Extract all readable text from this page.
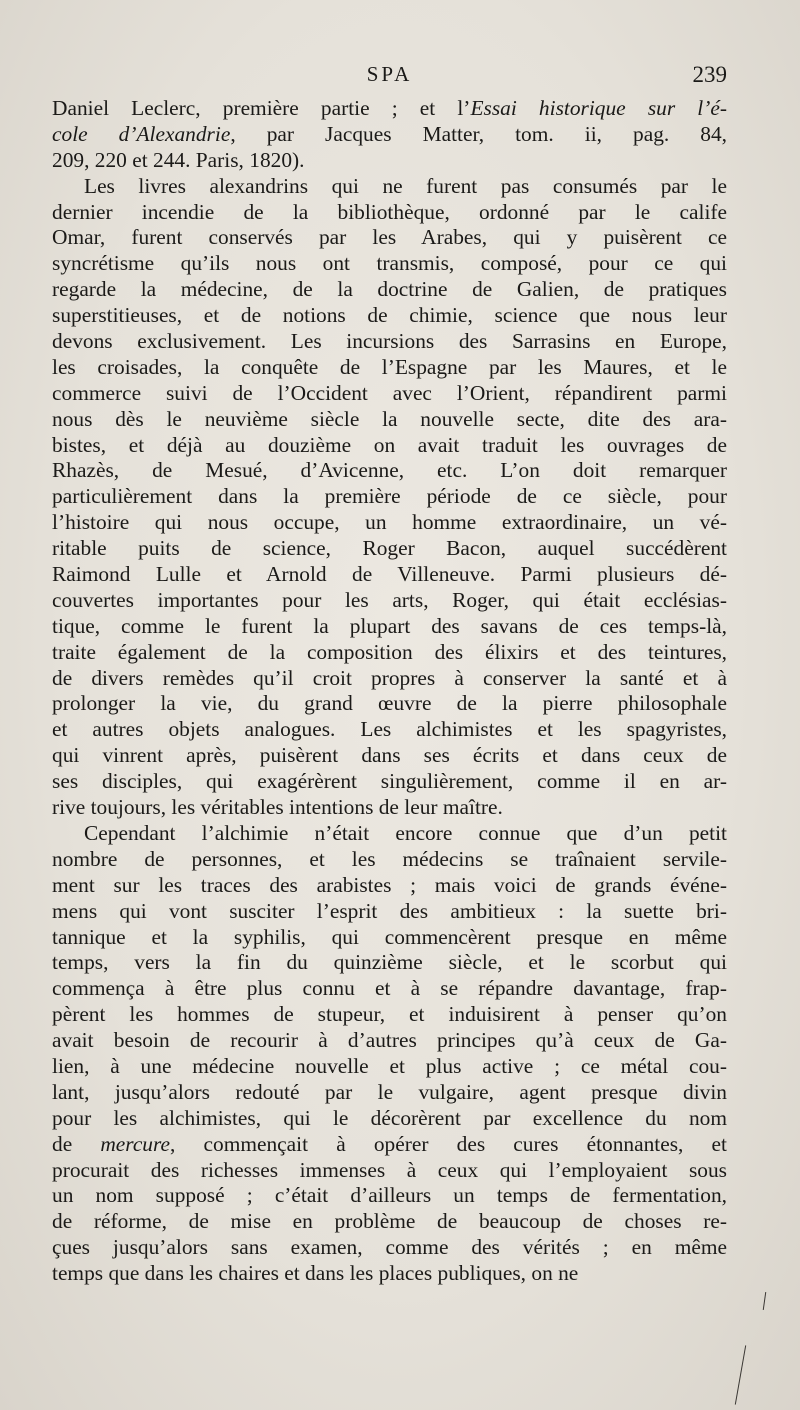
SPA	239
Daniel Leclerc, première partie ; et l’Essai historique sur l’é-
cole d’Alexandrie, par Jacques Matter, tom. ii, pag. 84,
209, 220 et 244. Paris, 1820).
Les livres alexandrins qui ne furent pas consumés par le
dernier incendie de la bibliothèque, ordonné par le calife
Omar, furent conservés par les Arabes, qui y puisèrent ce
syncrétisme qu’ils nous ont transmis, composé, pour ce qui
regarde la médecine, de la doctrine de Galien, de pratiques
superstitieuses, et de notions de chimie, science que nous leur
devons exclusivement. Les incursions des Sarrasins en Europe,
les croisades, la conquête de l’Espagne par les Maures, et le
commerce suivi de l’Occident avec l’Orient, répandirent parmi
nous dès le neuvième siècle la nouvelle secte, dite des ara-
bistes, et déjà au douzième on avait traduit les ouvrages de
Rhazès, de Mesué, d’Avicenne, etc. L’on doit remarquer
particulièrement dans la première période de ce siècle, pour
l’histoire qui nous occupe, un homme extraordinaire, un vé-
ritable puits de science, Roger Bacon, auquel succédèrent
Raimond Lulle et Arnold de Villeneuve. Parmi plusieurs dé-
couvertes importantes pour les arts, Roger, qui était ecclésias-
tique, comme le furent la plupart des savans de ces temps-là,
traite également de la composition des élixirs et des teintures,
de divers remèdes qu’il croit propres à conserver la santé et à
prolonger la vie, du grand œuvre de la pierre philosophale
et autres objets analogues. Les alchimistes et les spagyristes,
qui vinrent après, puisèrent dans ses écrits et dans ceux de
ses disciples, qui exagérèrent singulièrement, comme il en ar-
rive toujours, les véritables intentions de leur maître.
Cependant l’alchimie n’était encore connue que d’un petit
nombre de personnes, et les médecins se traînaient servile-
ment sur les traces des arabistes ; mais voici de grands événe-
mens qui vont susciter l’esprit des ambitieux : la suette bri-
tannique et la syphilis, qui commencèrent presque en même
temps, vers la fin du quinzième siècle, et le scorbut qui
commença à être plus connu et à se répandre davantage, frap-
pèrent les hommes de stupeur, et induisirent à penser qu’on
avait besoin de recourir à d’autres principes qu’à ceux de Ga-
lien, à une médecine nouvelle et plus active ; ce métal cou-
lant, jusqu’alors redouté par le vulgaire, agent presque divin
pour les alchimistes, qui le décorèrent par excellence du nom
de mercure, commençait à opérer des cures étonnantes, et
procurait des richesses immenses à ceux qui l’employaient sous
un nom supposé ; c’était d’ailleurs un temps de fermentation,
de réforme, de mise en problème de beaucoup de choses re-
çues jusqu’alors sans examen, comme des vérités ; en même
temps que dans les chaires et dans les places publiques, on ne
